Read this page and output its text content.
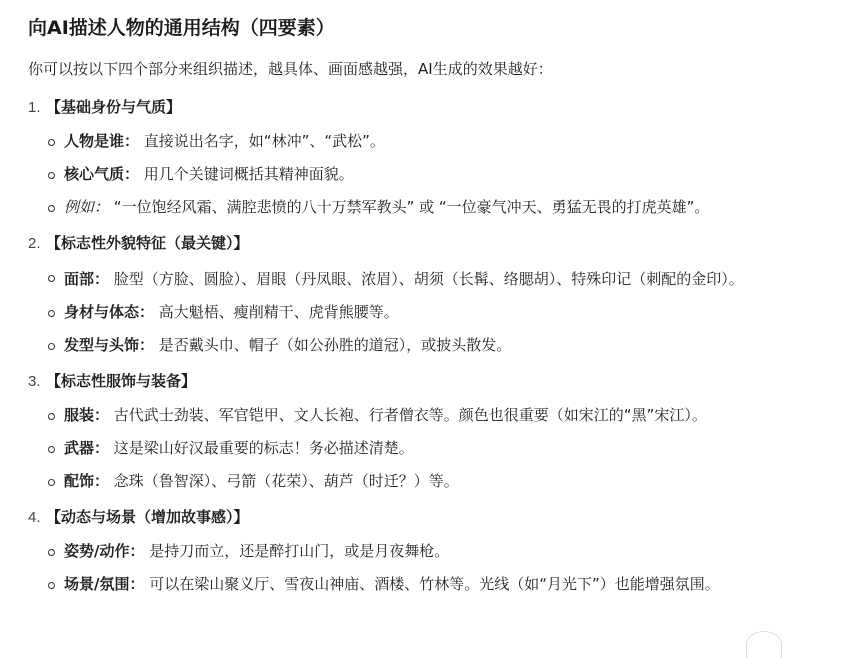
向AI描述人物的通用结构（四要素）
你可以按以下四个部分来组织描述，越具体、画面感越强，AI生成的效果越好：
1. 【基础身份与气质】
人物是谁： 直接说出名字，如“林冲”、“武松”。
核心气质： 用几个关键词概括其精神面貌。
例如： “一位饱经风霜、满腔悲愤的八十万禁军教头” 或 “一位豪气冲天、勇猛无畏的打虎英雄”。
2. 【标志性外貌特征（最关键）】
面部： 脸型（方脸、圆脸）、眉眼（丹凤眼、浓眉）、胡须（长髯、络腮胡）、特殊印记（刺配的金印）。
身材与体态： 高大魁梧、瘦削精干、虎背熊腰等。
发型与头饰： 是否戴头巾、帽子（如公孙胜的道冠），或披头散发。
3. 【标志性服饰与装备】
服装： 古代武士劲装、军官铠甲、文人长袍、行者僧衣等。颜色也很重要（如宋江的“黑”宋江）。
武器： 这是梁山好汉最重要的标志！务必描述清楚。
配饰： 念珠（鲁智深）、弓箭（花荣）、葫芦（时迁？）等。
4. 【动态与场景（增加故事感）】
姿势/动作： 是持刀而立，还是醉打山门，或是月夜舞枪。
场景/氛围： 可以在梁山聚义厅、雪夜山神庙、酒楼、竹林等。光线（如“月光下”）也能增强氛围。
